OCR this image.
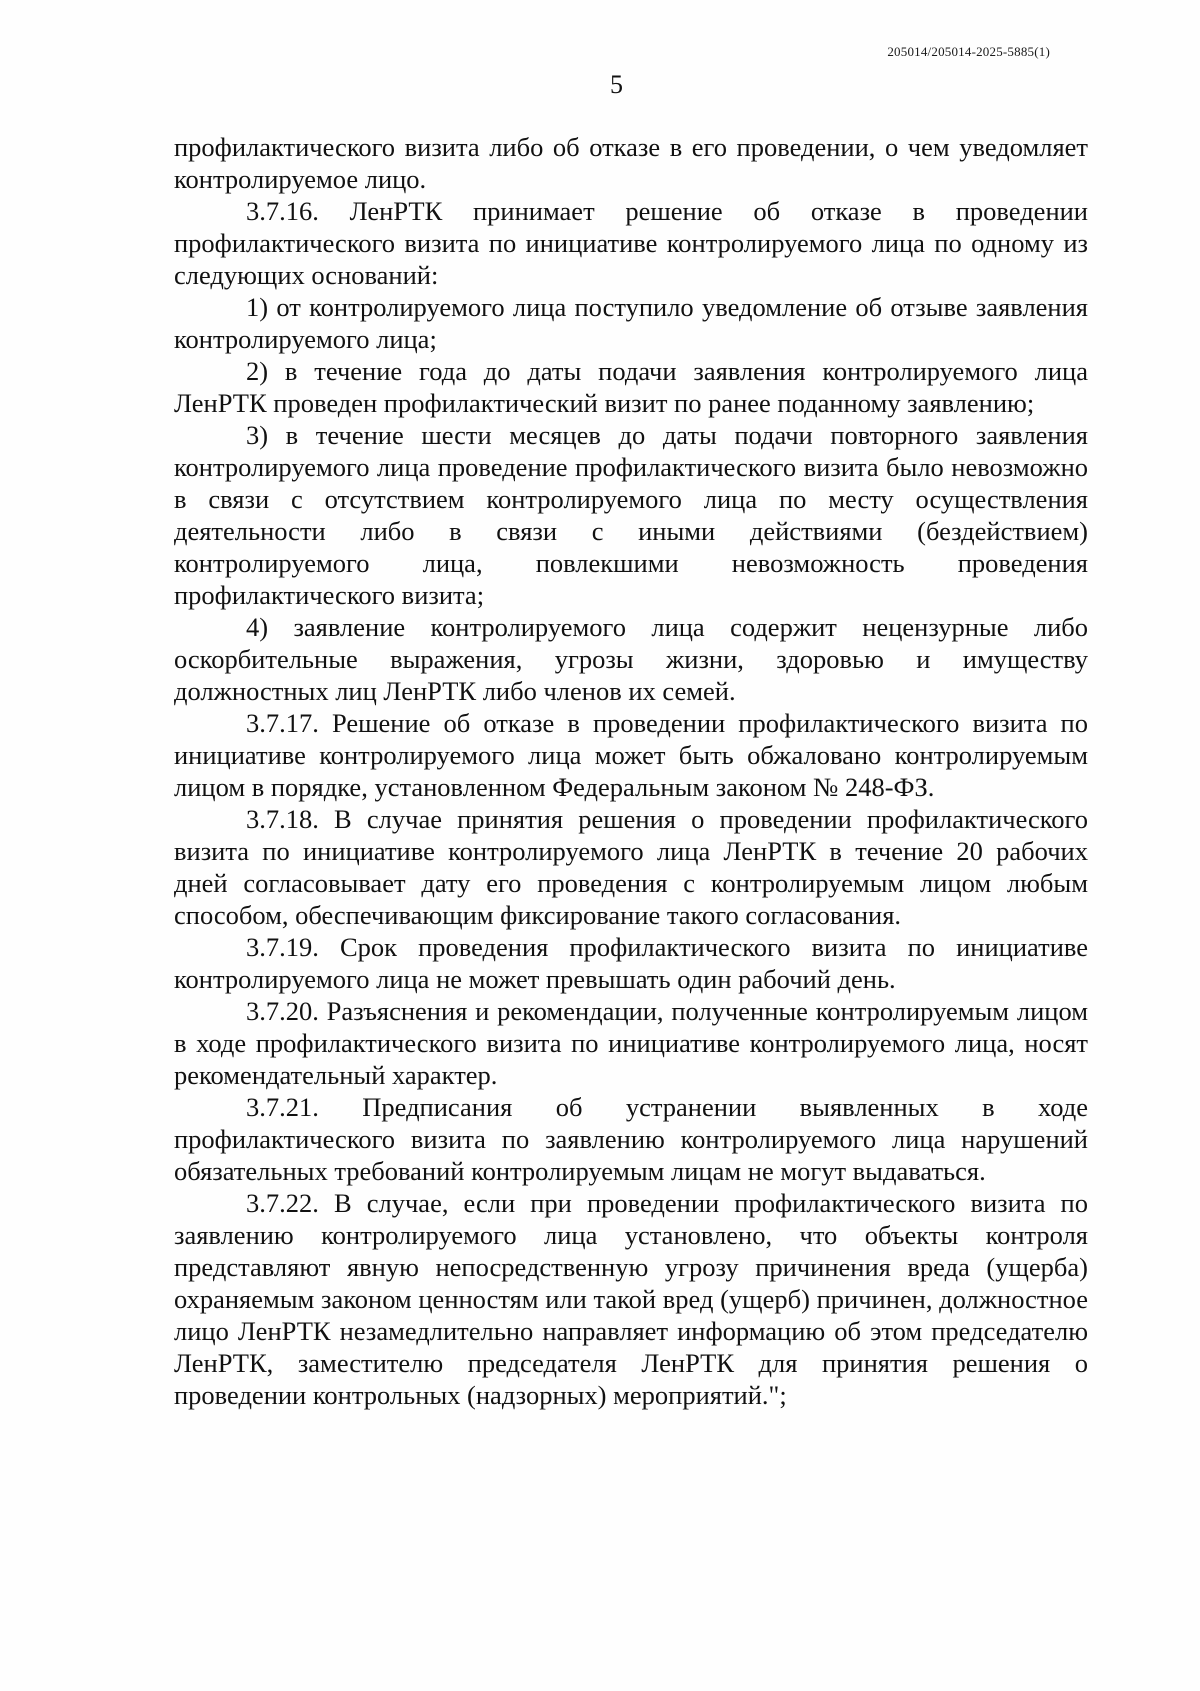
205014/205014-2025-5885(1)
5

профилактического визита либо об отказе в его проведении, о чем уведомляет контролируемое лицо.

3.7.16. ЛенРТК принимает решение об отказе в проведении профилактического визита по инициативе контролируемого лица по одному из следующих оснований:

1) от контролируемого лица поступило уведомление об отзыве заявления контролируемого лица;

2) в течение года до даты подачи заявления контролируемого лица ЛенРТК проведен профилактический визит по ранее поданному заявлению;

3) в течение шести месяцев до даты подачи повторного заявления контролируемого лица проведение профилактического визита было невозможно в связи с отсутствием контролируемого лица по месту осуществления деятельности либо в связи с иными действиями (бездействием) контролируемого лица, повлекшими невозможность проведения профилактического визита;

4) заявление контролируемого лица содержит нецензурные либо оскорбительные выражения, угрозы жизни, здоровью и имуществу должностных лиц ЛенРТК либо членов их семей.

3.7.17. Решение об отказе в проведении профилактического визита по инициативе контролируемого лица может быть обжаловано контролируемым лицом в порядке, установленном Федеральным законом № 248-ФЗ.

3.7.18. В случае принятия решения о проведении профилактического визита по инициативе контролируемого лица ЛенРТК в течение 20 рабочих дней согласовывает дату его проведения с контролируемым лицом любым способом, обеспечивающим фиксирование такого согласования.

3.7.19. Срок проведения профилактического визита по инициативе контролируемого лица не может превышать один рабочий день.

3.7.20. Разъяснения и рекомендации, полученные контролируемым лицом в ходе профилактического визита по инициативе контролируемого лица, носят рекомендательный характер.

3.7.21. Предписания об устранении выявленных в ходе профилактического визита по заявлению контролируемого лица нарушений обязательных требований контролируемым лицам не могут выдаваться.

3.7.22. В случае, если при проведении профилактического визита по заявлению контролируемого лица установлено, что объекты контроля представляют явную непосредственную угрозу причинения вреда (ущерба) охраняемым законом ценностям или такой вред (ущерб) причинен, должностное лицо ЛенРТК незамедлительно направляет информацию об этом председателю ЛенРТК, заместителю председателя ЛенРТК для принятия решения о проведении контрольных (надзорных) мероприятий.";
